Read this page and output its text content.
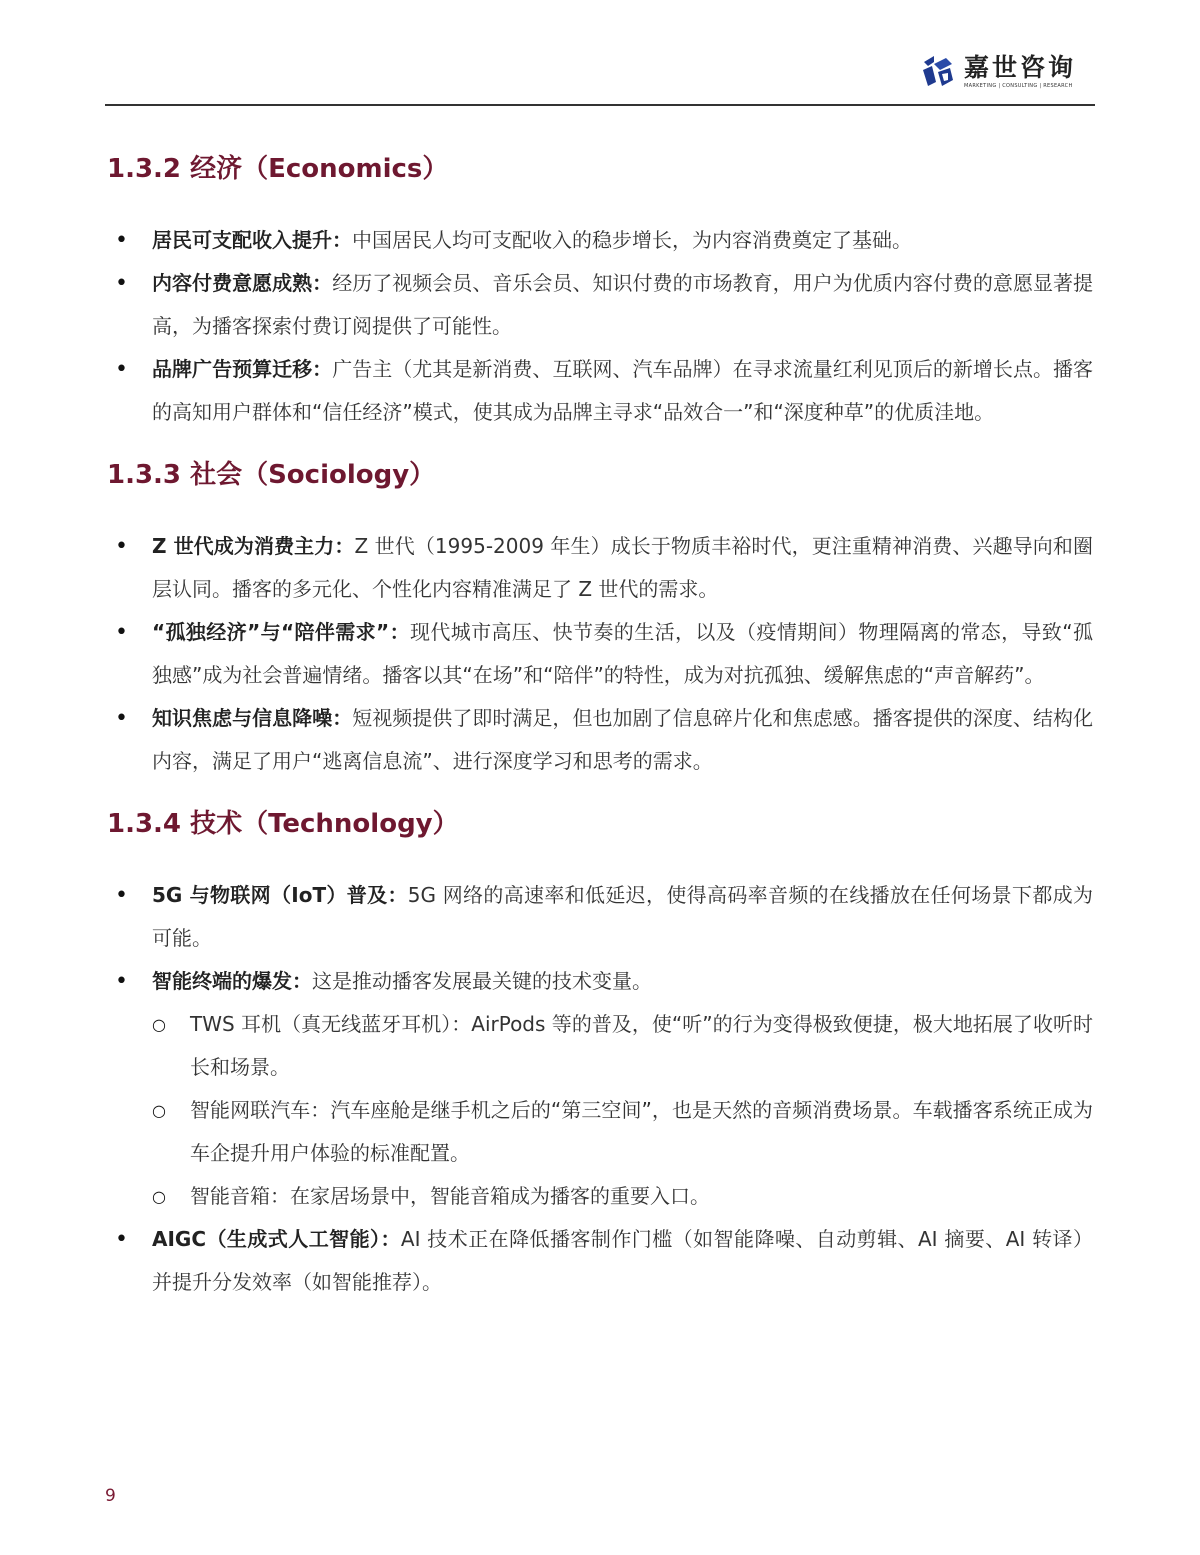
嘉世咨询
MARKETING | CONSULTING | RESEARCH
1.3.2 经济（Economics）
• 居民可支配收入提升：中国居民人均可支配收入的稳步增长，为内容消费奠定了基础。
• 内容付费意愿成熟：经历了视频会员、音乐会员、知识付费的市场教育，用户为优质内容付费的意愿显著提高，为播客探索付费订阅提供了可能性。
• 品牌广告预算迁移：广告主（尤其是新消费、互联网、汽车品牌）在寻求流量红利见顶后的新增长点。播客的高知用户群体和“信任经济”模式，使其成为品牌主寻求“品效合一”和“深度种草”的优质洼地。
1.3.3 社会（Sociology）
• Z 世代成为消费主力：Z 世代（1995-2009 年生）成长于物质丰裕时代，更注重精神消费、兴趣导向和圈层认同。播客的多元化、个性化内容精准满足了 Z 世代的需求。
• “孤独经济”与“陪伴需求”：现代城市高压、快节奏的生活，以及（疫情期间）物理隔离的常态，导致“孤独感”成为社会普遍情绪。播客以其“在场”和“陪伴”的特性，成为对抗孤独、缓解焦虑的“声音解药”。
• 知识焦虑与信息降噪：短视频提供了即时满足，但也加剧了信息碎片化和焦虑感。播客提供的深度、结构化内容，满足了用户“逃离信息流”、进行深度学习和思考的需求。
1.3.4 技术（Technology）
• 5G 与物联网（IoT）普及：5G 网络的高速率和低延迟，使得高码率音频的在线播放在任何场景下都成为可能。
• 智能终端的爆发：这是推动播客发展最关键的技术变量。
○ TWS 耳机（真无线蓝牙耳机）：AirPods 等的普及，使“听”的行为变得极致便捷，极大地拓展了收听时长和场景。
○ 智能网联汽车：汽车座舱是继手机之后的“第三空间”，也是天然的音频消费场景。车载播客系统正成为车企提升用户体验的标准配置。
○ 智能音箱：在家居场景中，智能音箱成为播客的重要入口。
• AIGC（生成式人工智能）：AI 技术正在降低播客制作门槛（如智能降噪、自动剪辑、AI 摘要、AI 转译）并提升分发效率（如智能推荐）。
9
